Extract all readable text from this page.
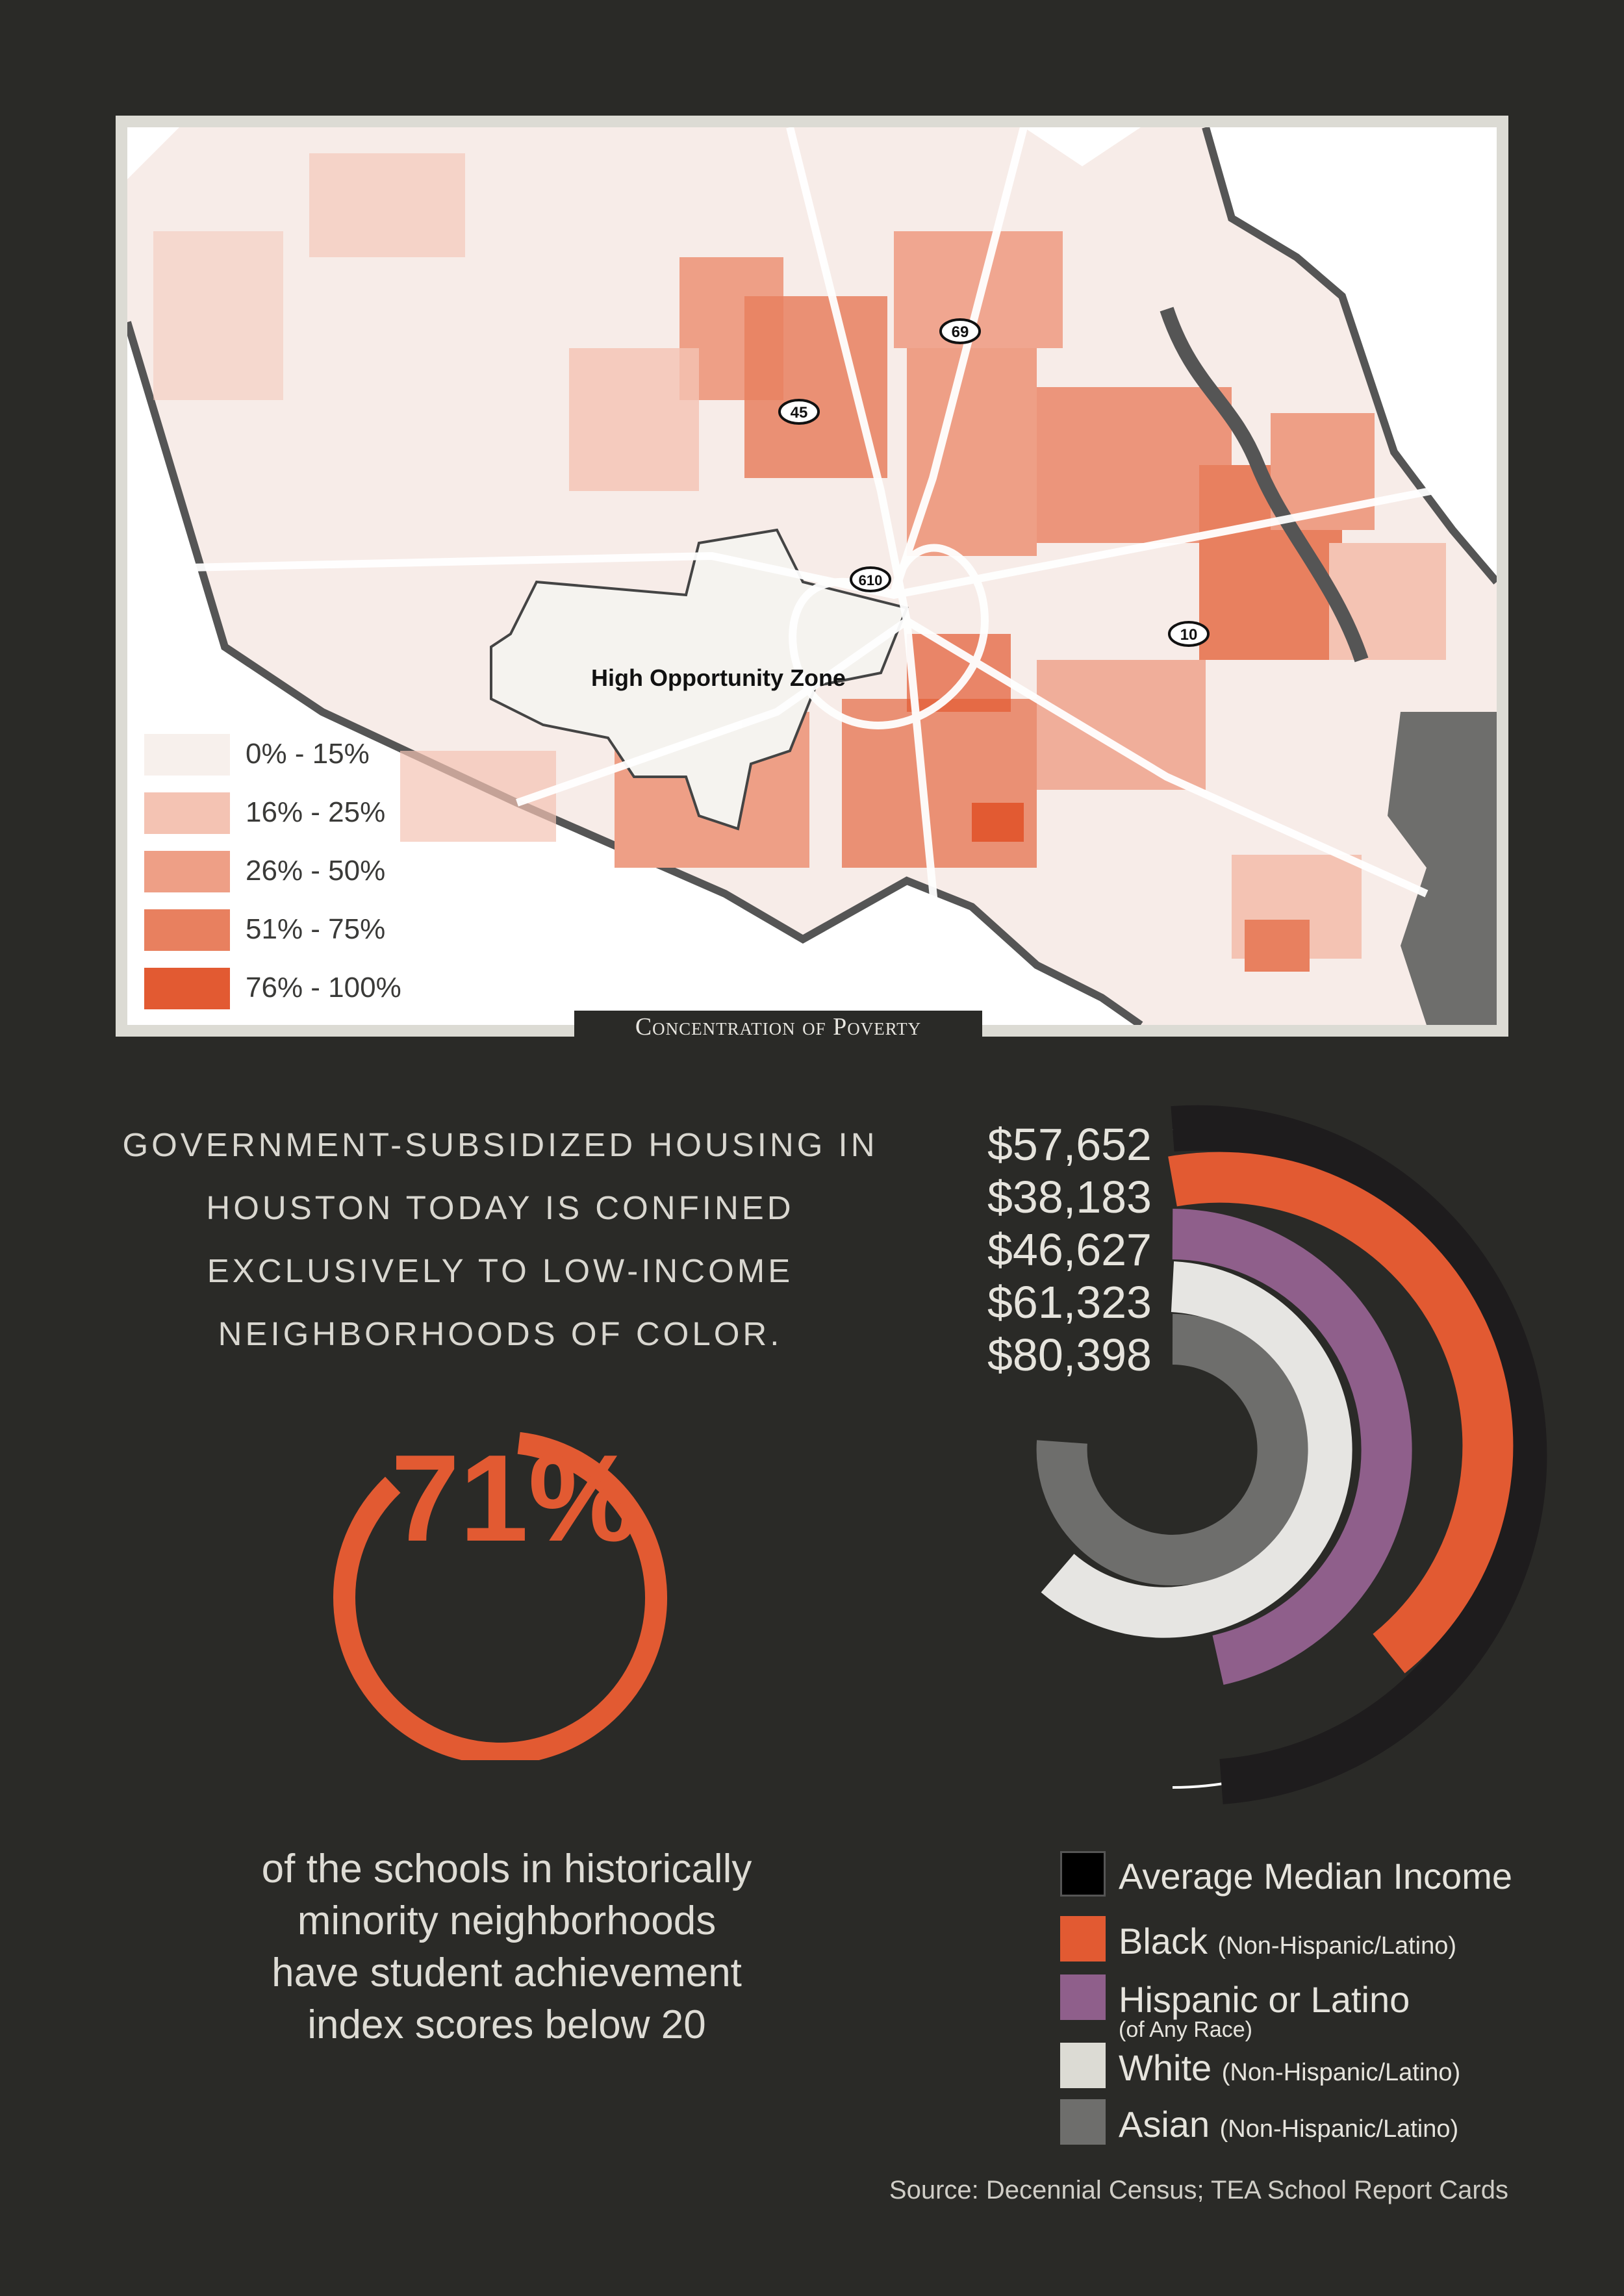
69
45
610
10
High Opportunity Zone
0% - 15%
16% - 25%
26% - 50%
51% - 75%
76% - 100%
Concentration of Poverty
GOVERNMENT-SUBSIDIZED HOUSING IN HOUSTON TODAY IS CONFINED EXCLUSIVELY TO LOW-INCOME NEIGHBORHOODS OF COLOR.
71%
of the schools in historically minority neighborhoods have student achievement index scores below 20
$57,652
$38,183
$46,627
$61,323
$80,398
Average Median Income
Black (Non-Hispanic/Latino)
Hispanic or Latino
(of Any Race)
White (Non-Hispanic/Latino)
Asian (Non-Hispanic/Latino)
Source: Decennial Census; TEA School Report Cards
